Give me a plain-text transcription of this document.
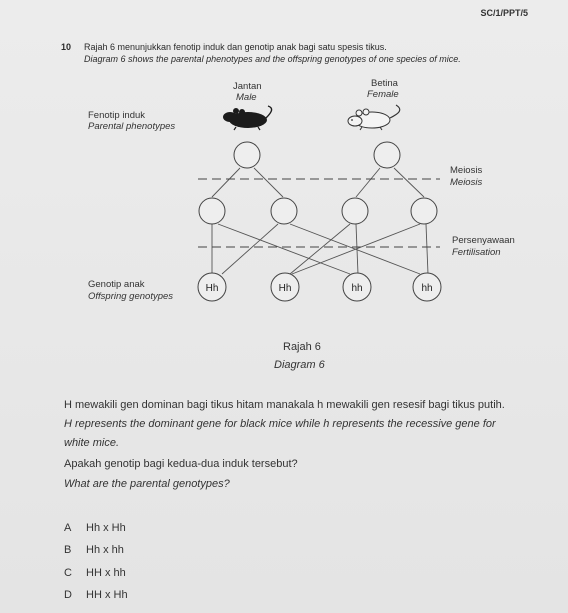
SC/1/PPT/5
10 Rajah 6 menunjukkan fenotip induk dan genotip anak bagi satu spesis tikus.
Diagram 6 shows the parental phenotypes and the offspring genotypes of one species of mice.
Hh	Hh	hh	hh
Jantan
Male
Betina
Female
Fenotip induk
Parental phenotypes
Meiosis
Meiosis
Persenyawaan
Fertilisation
Genotip anak
Offspring genotypes
Rajah 6
Diagram 6
H mewakili gen dominan bagi tikus hitam manakala h mewakili gen resesif bagi tikus putih.
H represents the dominant gene for black mice while h represents the recessive gene for
white mice.
Apakah genotip bagi kedua-dua induk tersebut?
What are the parental genotypes?
A Hh x Hh
B Hh x hh
C HH x hh
D HH x Hh
